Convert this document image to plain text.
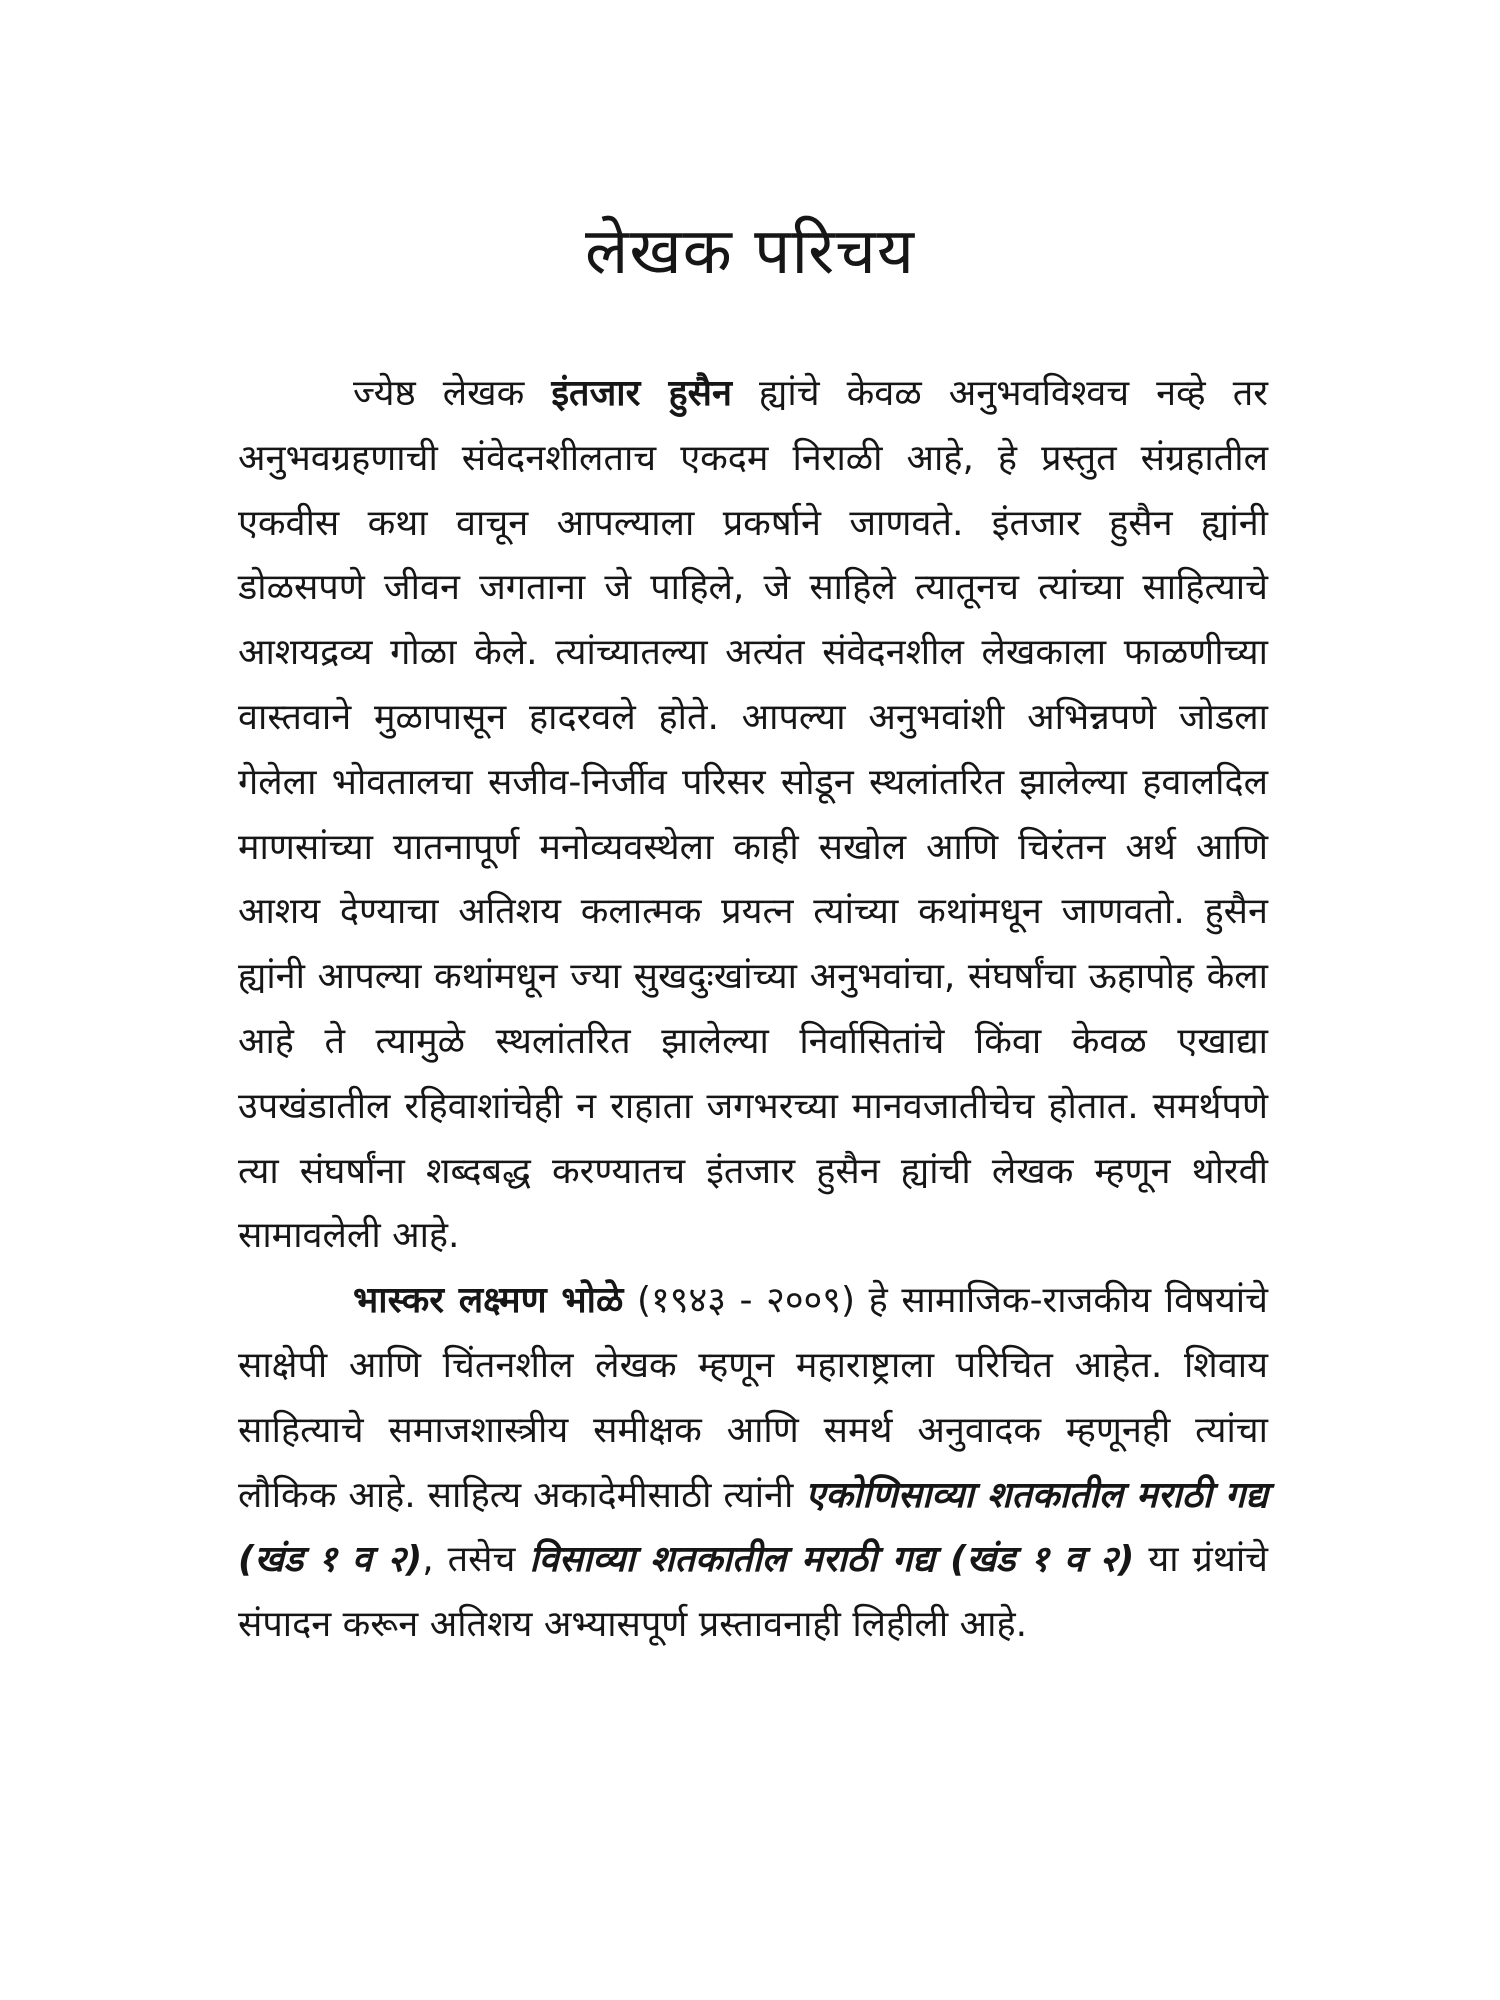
लेखक परिचय

ज्येष्ठ लेखक इंतजार हुसैन ह्यांचे केवळ अनुभवविश्वच नव्हे तर अनुभवग्रहणाची संवेदनशीलताच एकदम निराळी आहे, हे प्रस्तुत संग्रहातील एकवीस कथा वाचून आपल्याला प्रकर्षाने जाणवते. इंतजार हुसैन ह्यांनी डोळसपणे जीवन जगताना जे पाहिले, जे साहिले त्यातूनच त्यांच्या साहित्याचे आशयद्रव्य गोळा केले. त्यांच्यातल्या अत्यंत संवेदनशील लेखकाला फाळणीच्या वास्तवाने मुळापासून हादरवले होते. आपल्या अनुभवांशी अभिन्नपणे जोडला गेलेला भोवतालचा सजीव-निर्जीव परिसर सोडून स्थलांतरित झालेल्या हवालदिल माणसांच्या यातनापूर्ण मनोव्यवस्थेला काही सखोल आणि चिरंतन अर्थ आणि आशय देण्याचा अतिशय कलात्मक प्रयत्न त्यांच्या कथांमधून जाणवतो. हुसैन ह्यांनी आपल्या कथांमधून ज्या सुखदुःखांच्या अनुभवांचा, संघर्षांचा ऊहापोह केला आहे ते त्यामुळे स्थलांतरित झालेल्या निर्वासितांचे किंवा केवळ एखाद्या उपखंडातील रहिवाशांचेही न राहाता जगभरच्या मानवजातीचेच होतात. समर्थपणे त्या संघर्षांना शब्दबद्ध करण्यातच इंतजार हुसैन ह्यांची लेखक म्हणून थोरवी सामावलेली आहे.

भास्कर लक्ष्मण भोळे (१९४३ - २००९) हे सामाजिक-राजकीय विषयांचे साक्षेपी आणि चिंतनशील लेखक म्हणून महाराष्ट्राला परिचित आहेत. शिवाय साहित्याचे समाजशास्त्रीय समीक्षक आणि समर्थ अनुवादक म्हणूनही त्यांचा लौकिक आहे. साहित्य अकादेमीसाठी त्यांनी एकोणिसाव्या शतकातील मराठी गद्य (खंड १ व २), तसेच विसाव्या शतकातील मराठी गद्य (खंड १ व २) या ग्रंथांचे संपादन करून अतिशय अभ्यासपूर्ण प्रस्तावनाही लिहीली आहे.
